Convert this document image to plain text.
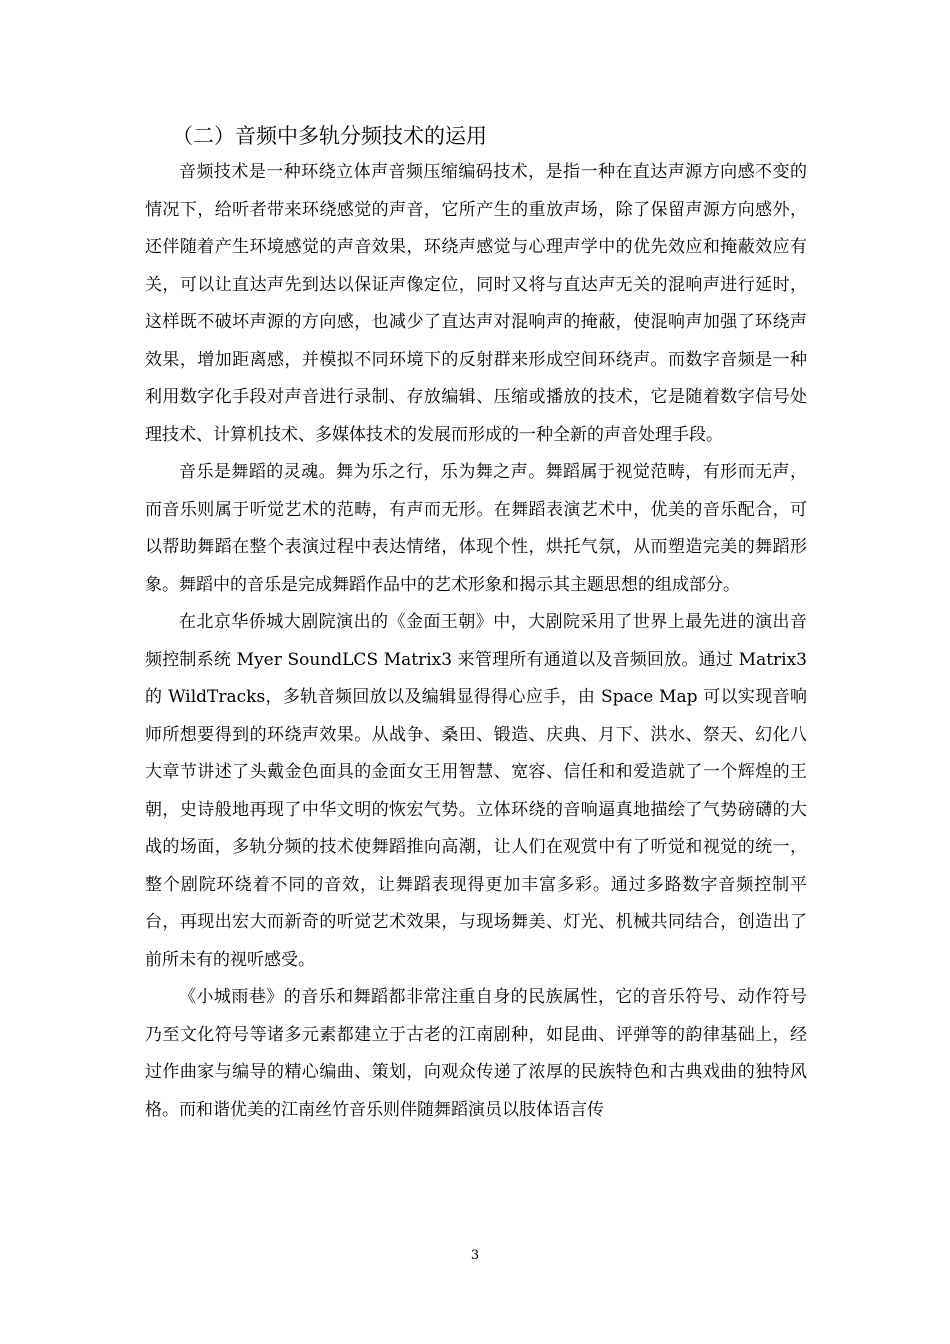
（二）音频中多轨分频技术的运用

音频技术是一种环绕立体声音频压缩编码技术，是指一种在直达声源方向感不变的情况下，给听者带来环绕感觉的声音，它所产生的重放声场，除了保留声源方向感外，还伴随着产生环境感觉的声音效果，环绕声感觉与心理声学中的优先效应和掩蔽效应有关，可以让直达声先到达以保证声像定位，同时又将与直达声无关的混响声进行延时，这样既不破坏声源的方向感，也减少了直达声对混响声的掩蔽，使混响声加强了环绕声效果，增加距离感，并模拟不同环境下的反射群来形成空间环绕声。而数字音频是一种利用数字化手段对声音进行录制、存放编辑、压缩或播放的技术，它是随着数字信号处理技术、计算机技术、多媒体技术的发展而形成的一种全新的声音处理手段。

音乐是舞蹈的灵魂。舞为乐之行，乐为舞之声。舞蹈属于视觉范畴，有形而无声，而音乐则属于听觉艺术的范畴，有声而无形。在舞蹈表演艺术中，优美的音乐配合，可以帮助舞蹈在整个表演过程中表达情绪，体现个性，烘托气氛，从而塑造完美的舞蹈形象。舞蹈中的音乐是完成舞蹈作品中的艺术形象和揭示其主题思想的组成部分。

在北京华侨城大剧院演出的《金面王朝》中，大剧院采用了世界上最先进的演出音频控制系统 Myer SoundLCS Matrix3 来管理所有通道以及音频回放。通过 Matrix3 的 WildTracks，多轨音频回放以及编辑显得得心应手，由 Space Map 可以实现音响师所想要得到的环绕声效果。从战争、桑田、锻造、庆典、月下、洪水、祭天、幻化八大章节讲述了头戴金色面具的金面女王用智慧、宽容、信任和和爱造就了一个辉煌的王朝，史诗般地再现了中华文明的恢宏气势。立体环绕的音响逼真地描绘了气势磅礴的大战的场面，多轨分频的技术使舞蹈推向高潮，让人们在观赏中有了听觉和视觉的统一，整个剧院环绕着不同的音效，让舞蹈表现得更加丰富多彩。通过多路数字音频控制平台，再现出宏大而新奇的听觉艺术效果，与现场舞美、灯光、机械共同结合，创造出了前所未有的视听感受。

《小城雨巷》的音乐和舞蹈都非常注重自身的民族属性，它的音乐符号、动作符号乃至文化符号等诸多元素都建立于古老的江南剧种，如昆曲、评弹等的韵律基础上，经过作曲家与编导的精心编曲、策划，向观众传递了浓厚的民族特色和古典戏曲的独特风格。而和谐优美的江南丝竹音乐则伴随舞蹈演员以肢体语言传

3
